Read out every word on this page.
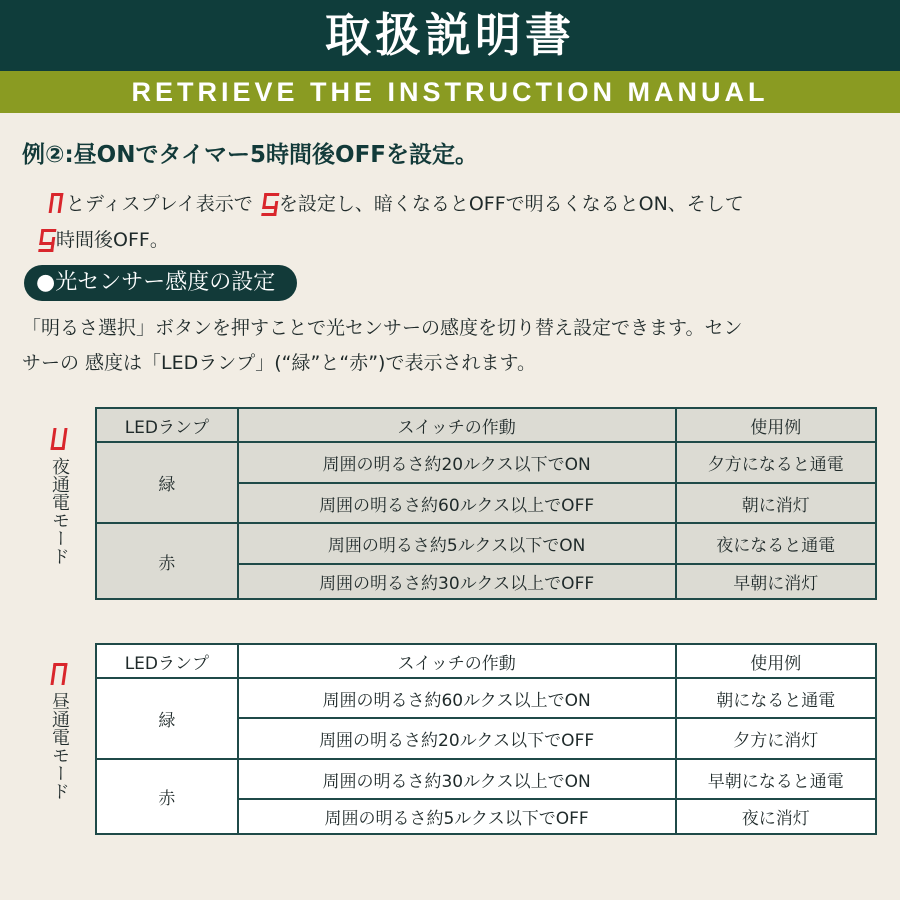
取扱説明書
RETRIEVE THE INSTRUCTION MANUAL
例②:昼ONでタイマー5時間後OFFを設定。
とディスプレイ表示で を設定し、暗くなるとOFFで明るくなるとON、そして
時間後OFF。
●光センサー感度の設定
「明るさ選択」ボタンを押すことで光センサーの感度を切り替え設定できます。セン
サーの 感度は「LEDランプ」(“緑”と“赤”)で表示されます。

夜通電モード
LEDランプ	スイッチの作動	使用例
緑	周囲の明るさ約20ルクス以下でON	夕方になると通電
	周囲の明るさ約60ルクス以上でOFF	朝に消灯
赤	周囲の明るさ約5ルクス以下でON	夜になると通電
	周囲の明るさ約30ルクス以上でOFF	早朝に消灯

昼通電モード
LEDランプ	スイッチの作動	使用例
緑	周囲の明るさ約60ルクス以上でON	朝になると通電
	周囲の明るさ約20ルクス以下でOFF	夕方に消灯
赤	周囲の明るさ約30ルクス以上でON	早朝になると通電
	周囲の明るさ約5ルクス以下でOFF	夜に消灯
